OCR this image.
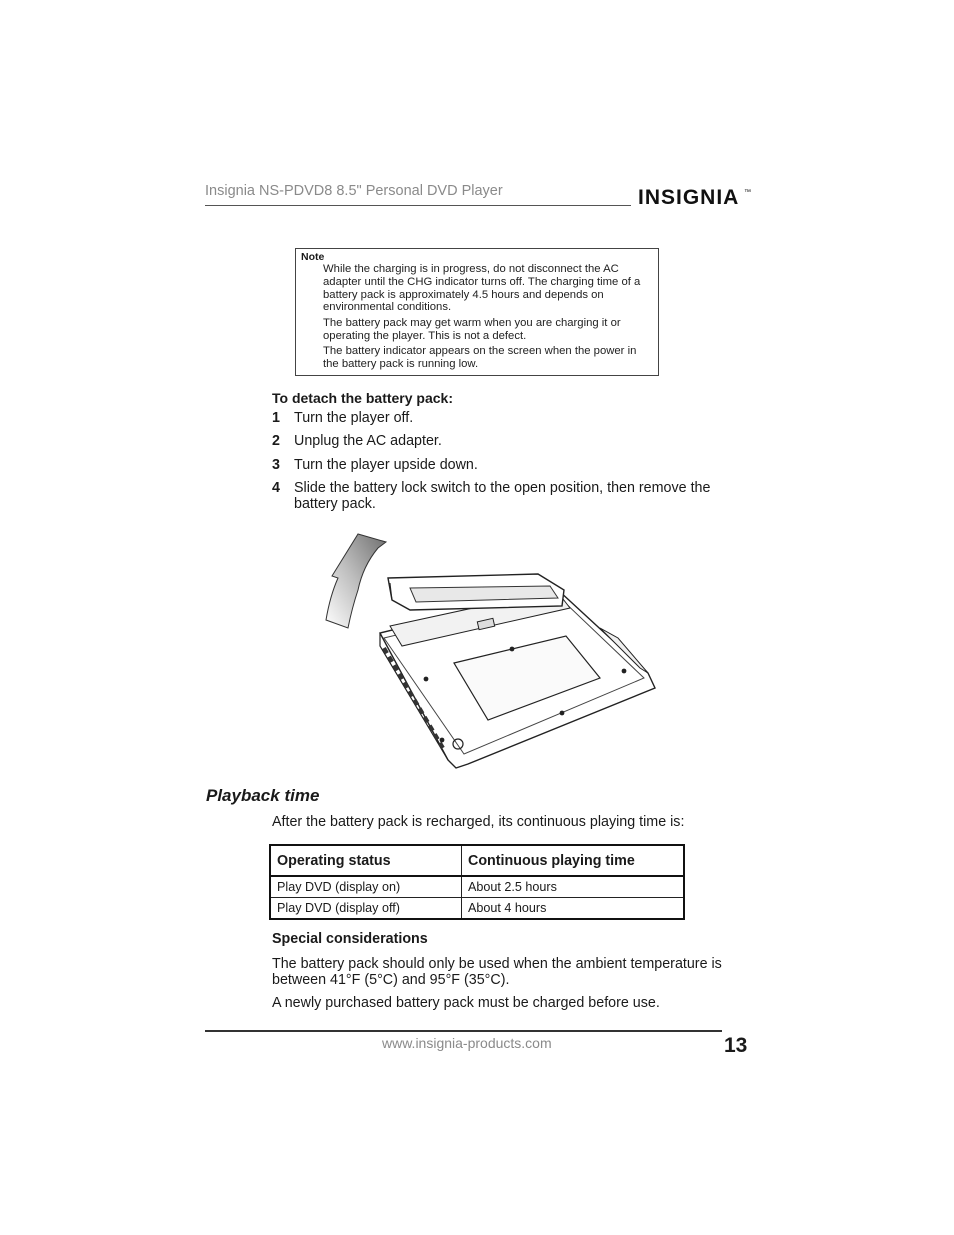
Insignia NS-PDVD8 8.5" Personal DVD Player	INSIGNIA ™
Note
While the charging is in progress, do not disconnect the AC adapter until the CHG indicator turns off. The charging time of a battery pack is approximately 4.5 hours and depends on environmental conditions.
The battery pack may get warm when you are charging it or operating the player. This is not a defect.
The battery indicator appears on the screen when the power in the battery pack is running low.
To detach the battery pack:
1 Turn the player off.
2 Unplug the AC adapter.
3 Turn the player upside down.
4 Slide the battery lock switch to the open position, then remove the battery pack.
Playback time
After the battery pack is recharged, its continuous playing time is:
Operating status	Continuous playing time
Play DVD (display on)	About 2.5 hours
Play DVD (display off)	About 4 hours
Special considerations
The battery pack should only be used when the ambient temperature is between 41°F (5°C) and 95°F (35°C).
A newly purchased battery pack must be charged before use.
www.insignia-products.com	13
